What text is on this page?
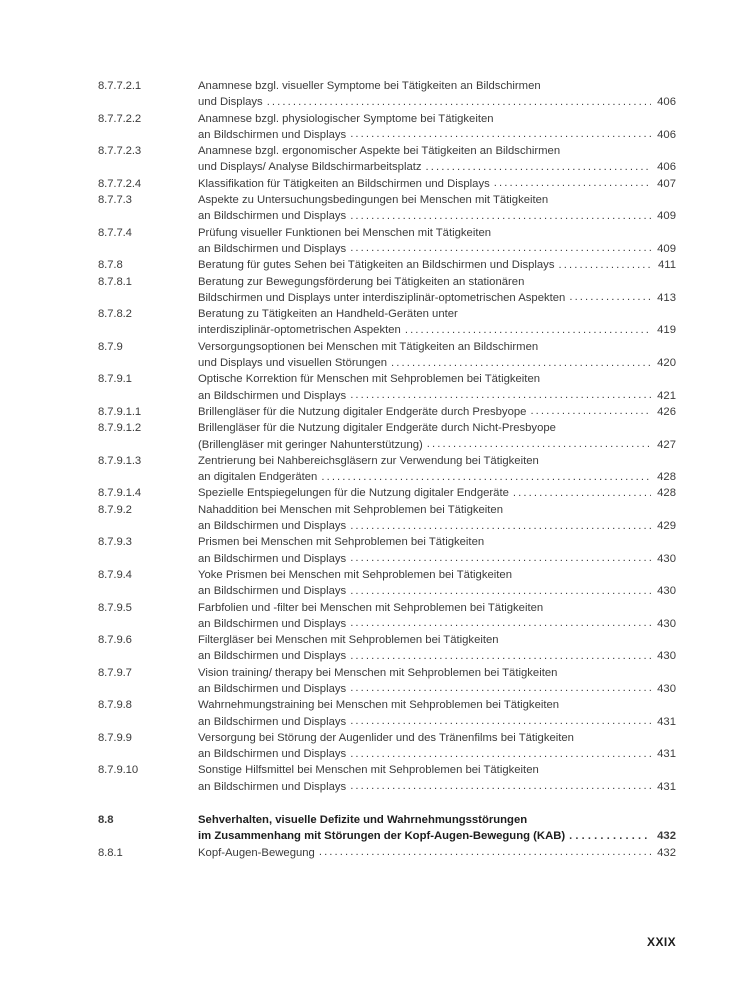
8.7.7.2.1	Anamnese bzgl. visueller Symptome bei Tätigkeiten an Bildschirmen
und Displays .....	406
8.7.7.2.2	Anamnese bzgl. physiologischer Symptome bei Tätigkeiten
an Bildschirmen und Displays .....	406
8.7.7.2.3	Anamnese bzgl. ergonomischer Aspekte bei Tätigkeiten an Bildschirmen
und Displays/ Analyse Bildschirmarbeitsplatz .....	406
8.7.7.2.4	Klassifikation für Tätigkeiten an Bildschirmen und Displays .....	407
8.7.7.3	Aspekte zu Untersuchungsbedingungen bei Menschen mit Tätigkeiten
an Bildschirmen und Displays .....	409
8.7.7.4	Prüfung visueller Funktionen bei Menschen mit Tätigkeiten
an Bildschirmen und Displays .....	409
8.7.8	Beratung für gutes Sehen bei Tätigkeiten an Bildschirmen und Displays .....	411
8.7.8.1	Beratung zur Bewegungsförderung bei Tätigkeiten an stationären
Bildschirmen und Displays unter interdisziplinär-optometrischen Aspekten .....	413
8.7.8.2	Beratung zu Tätigkeiten an Handheld-Geräten unter
interdisziplinär-optometrischen Aspekten .....	419
8.7.9	Versorgungsoptionen bei Menschen mit Tätigkeiten an Bildschirmen
und Displays und visuellen Störungen .....	420
8.7.9.1	Optische Korrektion für Menschen mit Sehproblemen bei Tätigkeiten
an Bildschirmen und Displays .....	421
8.7.9.1.1	Brillengläser für die Nutzung digitaler Endgeräte durch Presbyope .....	426
8.7.9.1.2	Brillengläser für die Nutzung digitaler Endgeräte durch Nicht-Presbyope
(Brillengläser mit geringer Nahunterstützung) .....	427
8.7.9.1.3	Zentrierung bei Nahbereichsgläsern zur Verwendung bei Tätigkeiten
an digitalen Endgeräten .....	428
8.7.9.1.4	Spezielle Entspiegelungen für die Nutzung digitaler Endgeräte .....	428
8.7.9.2	Nahaddition bei Menschen mit Sehproblemen bei Tätigkeiten
an Bildschirmen und Displays .....	429
8.7.9.3	Prismen bei Menschen mit Sehproblemen bei Tätigkeiten
an Bildschirmen und Displays .....	430
8.7.9.4	Yoke Prismen bei Menschen mit Sehproblemen bei Tätigkeiten
an Bildschirmen und Displays .....	430
8.7.9.5	Farbfolien und -filter bei Menschen mit Sehproblemen bei Tätigkeiten
an Bildschirmen und Displays .....	430
8.7.9.6	Filtergläser bei Menschen mit Sehproblemen bei Tätigkeiten
an Bildschirmen und Displays .....	430
8.7.9.7	Vision training/ therapy bei Menschen mit Sehproblemen bei Tätigkeiten
an Bildschirmen und Displays .....	430
8.7.9.8	Wahrnehmungstraining bei Menschen mit Sehproblemen bei Tätigkeiten
an Bildschirmen und Displays .....	431
8.7.9.9	Versorgung bei Störung der Augenlider und des Tränenfilms bei Tätigkeiten
an Bildschirmen und Displays .....	431
8.7.9.10	Sonstige Hilfsmittel bei Menschen mit Sehproblemen bei Tätigkeiten
an Bildschirmen und Displays .....	431
8.8	Sehverhalten, visuelle Defizite und Wahrnehmungsstörungen
im Zusammenhang mit Störungen der Kopf-Augen-Bewegung (KAB) .....	432
8.8.1	Kopf-Augen-Bewegung .....	432
XXIX
